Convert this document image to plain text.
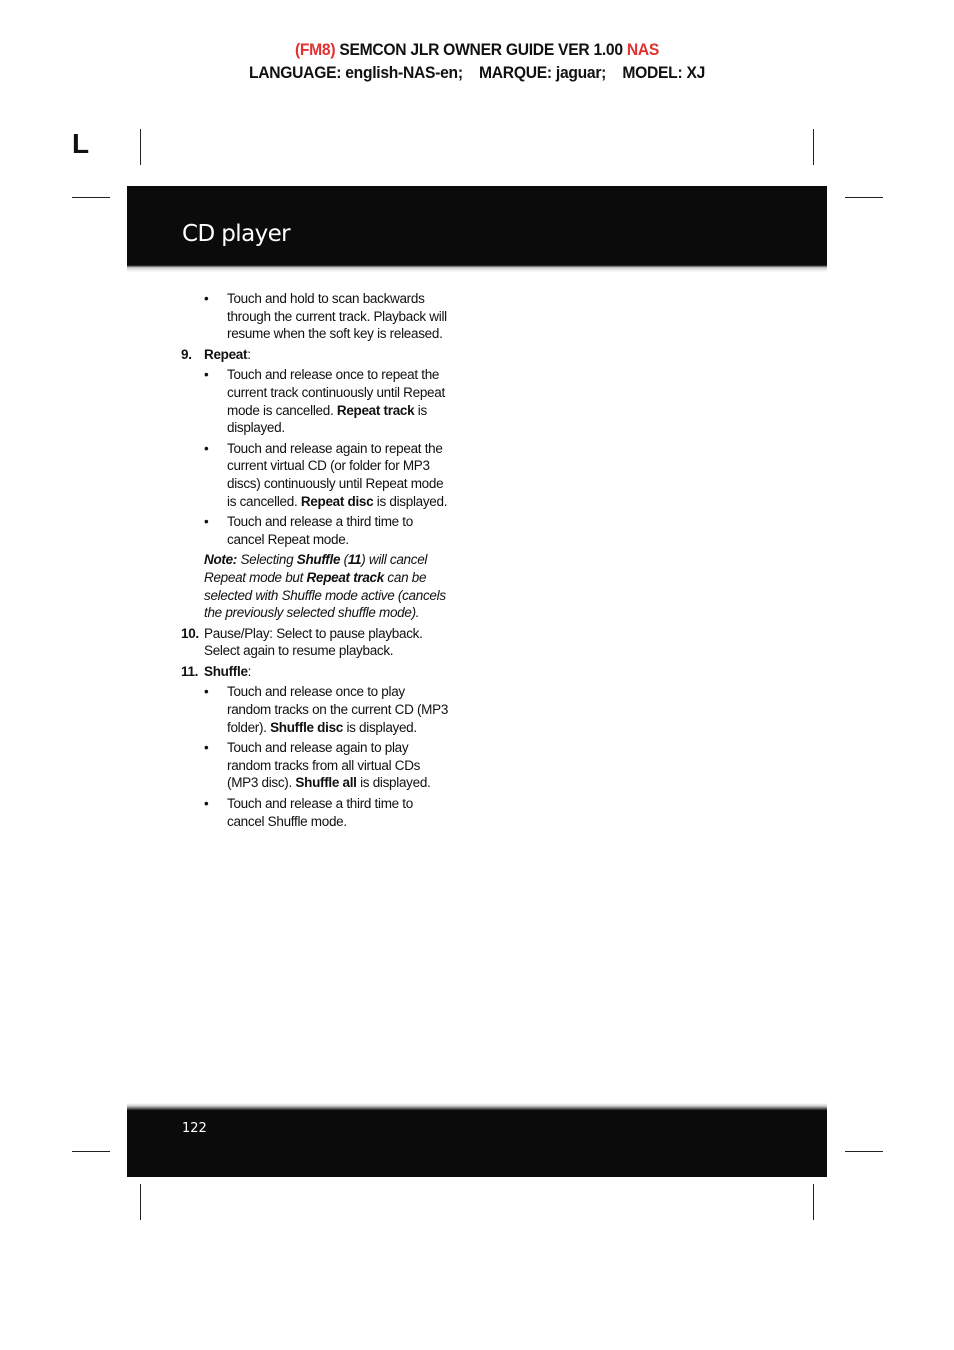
(FM8) SEMCON JLR OWNER GUIDE VER 1.00 NAS
LANGUAGE: english-NAS-en;    MARQUE: jaguar;    MODEL: XJ
L
CD player

• Touch and hold to scan backwards through the current track. Playback will resume when the soft key is released.

9. Repeat:

• Touch and release once to repeat the current track continuously until Repeat mode is cancelled. Repeat track is displayed.

• Touch and release again to repeat the current virtual CD (or folder for MP3 discs) continuously until Repeat mode is cancelled. Repeat disc is displayed.

• Touch and release a third time to cancel Repeat mode.

Note: Selecting Shuffle (11) will cancel Repeat mode but Repeat track can be selected with Shuffle mode active (cancels the previously selected shuffle mode).

10. Pause/Play: Select to pause playback. Select again to resume playback.

11. Shuffle:

• Touch and release once to play random tracks on the current CD (MP3 folder). Shuffle disc is displayed.

• Touch and release again to play random tracks from all virtual CDs (MP3 disc). Shuffle all is displayed.

• Touch and release a third time to cancel Shuffle mode.

122
